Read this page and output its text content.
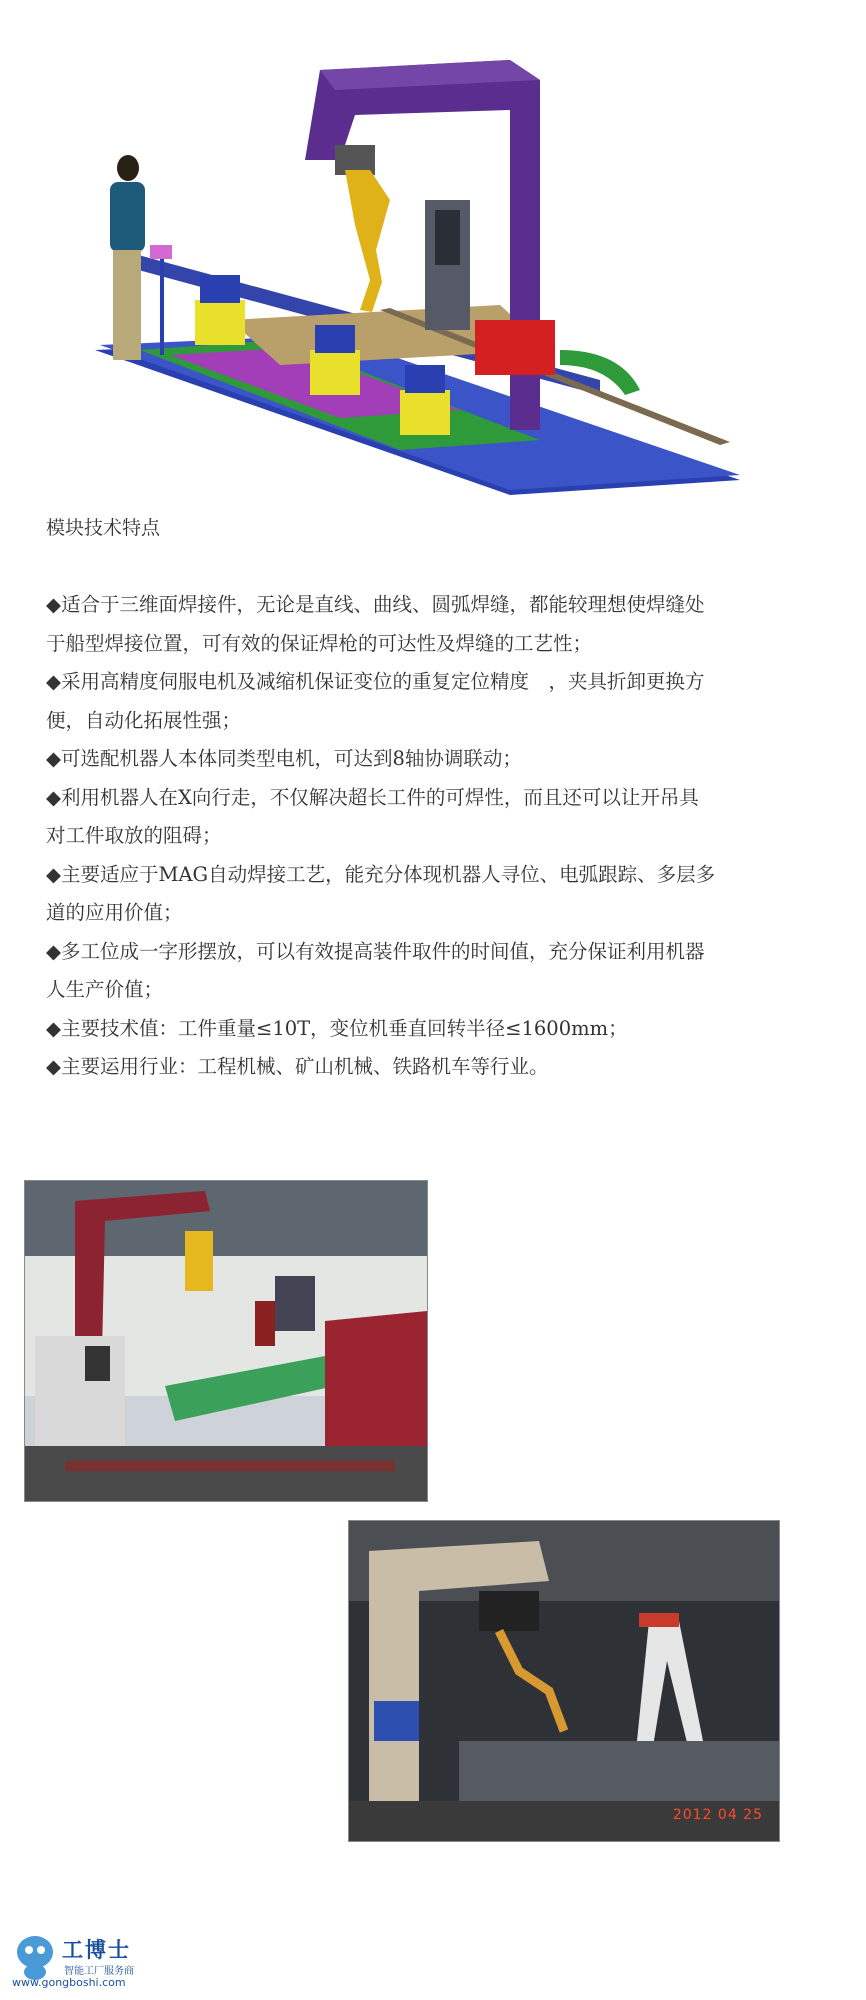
模块技术特点
◆适合于三维面焊接件，无论是直线、曲线、圆弧焊缝，都能较理想使焊缝处
于船型焊接位置，可有效的保证焊枪的可达性及焊缝的工艺性；
◆采用高精度伺服电机及减缩机保证变位的重复定位精度　，夹具折卸更换方
便，自动化拓展性强；
◆可选配机器人本体同类型电机，可达到8轴协调联动；
◆利用机器人在X向行走，不仅解决超长工件的可焊性，而且还可以让开吊具
对工件取放的阻碍；
◆主要适应于MAG自动焊接工艺，能充分体现机器人寻位、电弧跟踪、多层多
道的应用价值；
◆多工位成一字形摆放，可以有效提高装件取件的时间值，充分保证利用机器
人生产价值；
◆主要技术值：工件重量≤10T，变位机垂直回转半径≤1600mm；
◆主要运用行业：工程机械、矿山机械、铁路机车等行业。
2012 04 25
工博士
智能工厂服务商
www.gongboshi.com
